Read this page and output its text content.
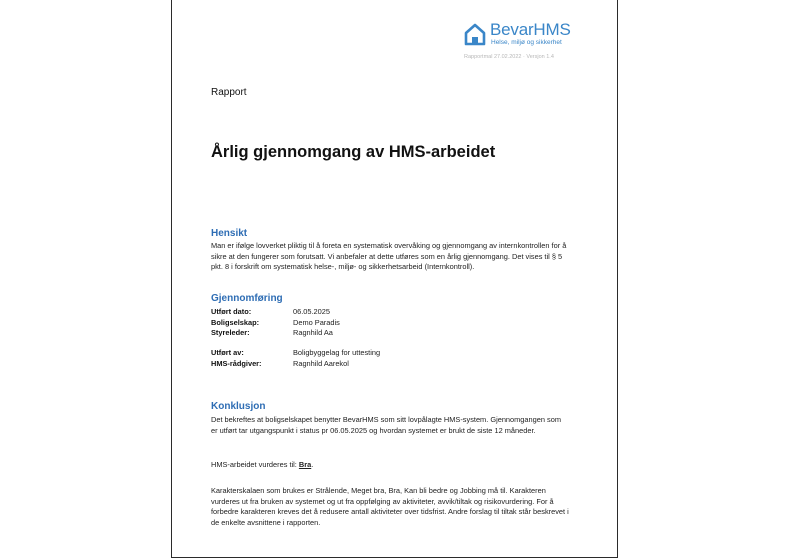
BevarHMS
Helse, miljø og sikkerhet
Rapportmal 27.02.2022 · Versjon 1.4
Rapport
Årlig gjennomgang av HMS-arbeidet
Hensikt

Man er ifølge lovverket pliktig til å foreta en systematisk overvåking og gjennomgang av internkontrollen for å sikre at den fungerer som forutsatt. Vi anbefaler at dette utføres som en årlig gjennomgang. Det vises til § 5 pkt. 8 i forskrift om systematisk helse-, miljø- og sikkerhetsarbeid (Internkontroll).

Gjennomføring
Utført dato:	06.05.2025
Boligselskap:	Demo Paradis
Styreleder:	Ragnhild Aa
Utført av:	Boligbyggelag for uttesting
HMS-rådgiver:	Ragnhild Aarekol
Konklusjon

Det bekreftes at boligselskapet benytter BevarHMS som sitt lovpålagte HMS-system. Gjennomgangen som er utført tar utgangspunkt i status pr 06.05.2025 og hvordan systemet er brukt de siste 12 måneder.

HMS-arbeidet vurderes til: Bra.

Karakterskalaen som brukes er Strålende, Meget bra, Bra, Kan bli bedre og Jobbing må til. Karakteren vurderes ut fra bruken av systemet og ut fra oppfølging av aktiviteter, avvik/tiltak og risikovurdering. For å forbedre karakteren kreves det å redusere antall aktiviteter over tidsfrist. Andre forslag til tiltak står beskrevet i de enkelte avsnittene i rapporten.
